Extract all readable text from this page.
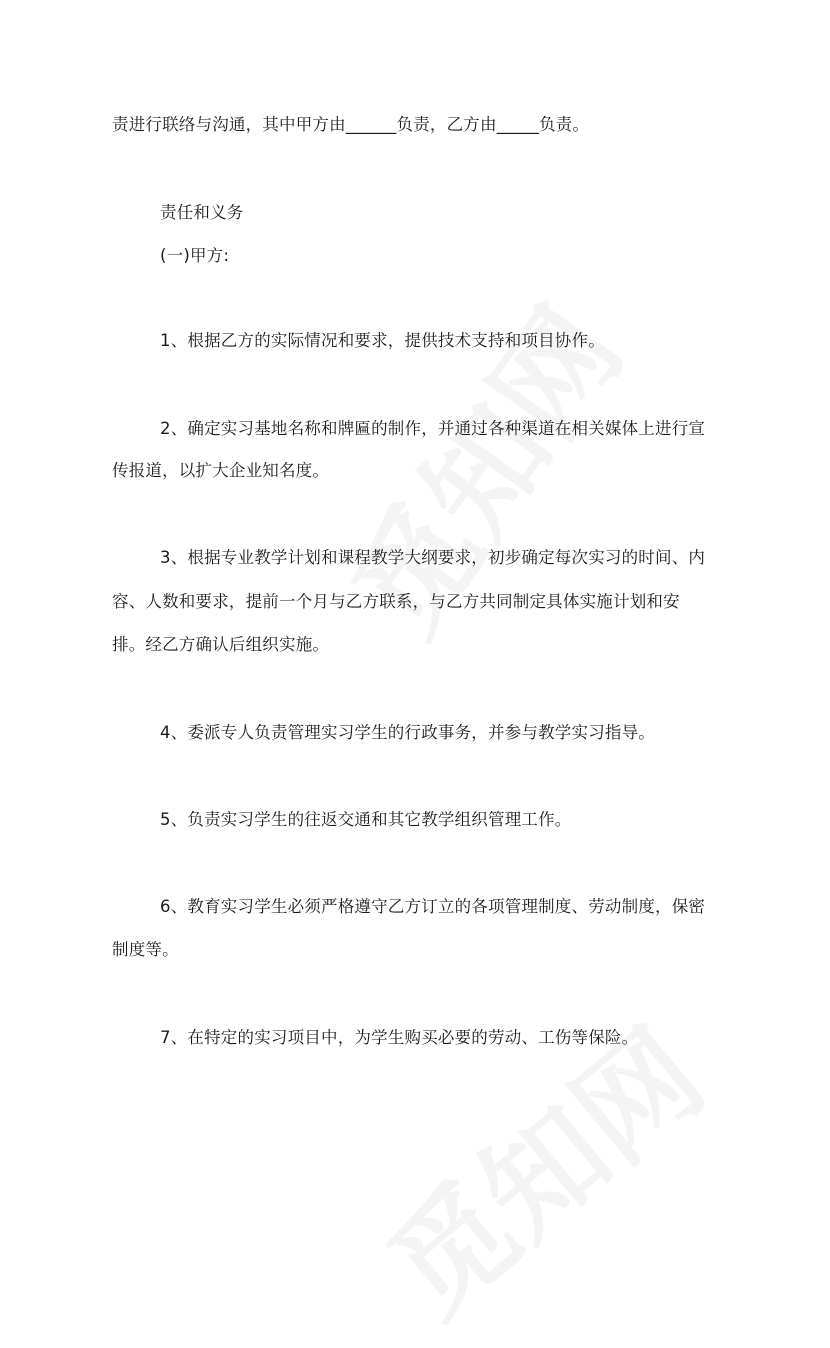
责进行联络与沟通，其中甲方由______负责，乙方由_____负责。
责任和义务
(一)甲方:
1、根据乙方的实际情况和要求，提供技术支持和项目协作。
2、确定实习基地名称和牌匾的制作，并通过各种渠道在相关媒体上进行宣
传报道，以扩大企业知名度。
3、根据专业教学计划和课程教学大纲要求，初步确定每次实习的时间、内
容、人数和要求，提前一个月与乙方联系，与乙方共同制定具体实施计划和安
排。经乙方确认后组织实施。
4、委派专人负责管理实习学生的行政事务，并参与教学实习指导。
5、负责实习学生的往返交通和其它教学组织管理工作。
6、教育实习学生必须严格遵守乙方订立的各项管理制度、劳动制度，保密
制度等。
7、在特定的实习项目中，为学生购买必要的劳动、工伤等保险。
